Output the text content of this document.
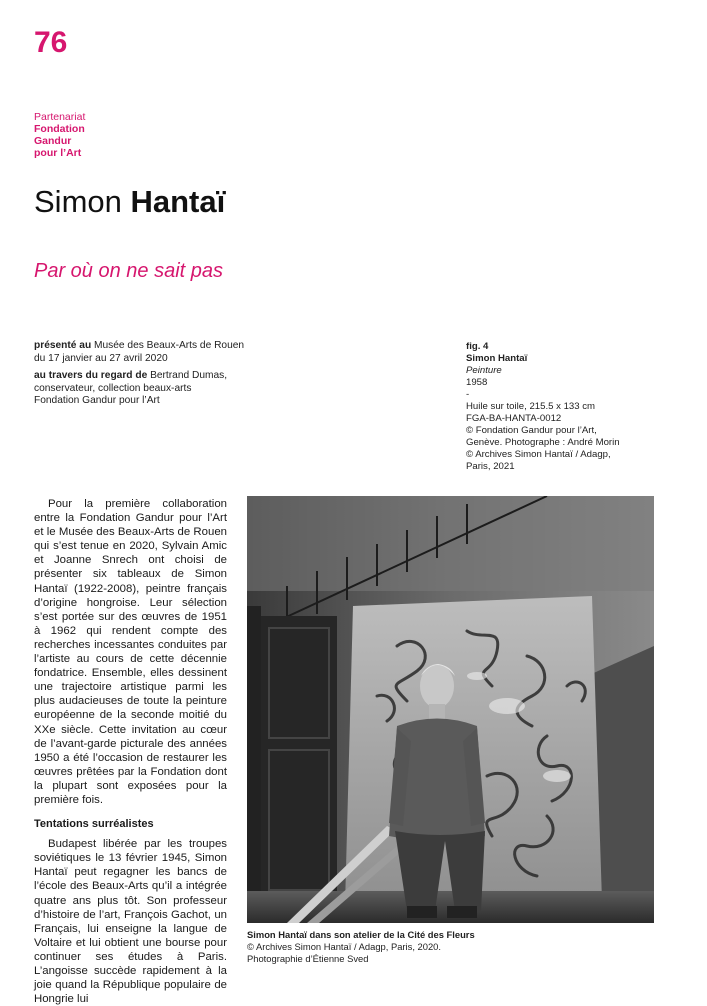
76
Partenariat
Fondation
Gandur
pour l’Art
Simon Hantaï
Par où on ne sait pas

présenté au Musée des Beaux-Arts de Rouen
du 17 janvier au 27 avril 2020

au travers du regard de Bertrand Dumas,
conservateur, collection beaux-arts
Fondation Gandur pour l’Art

fig. 4
Simon Hantaï
Peinture
1958
-
Huile sur toile, 215.5 x 133 cm
FGA-BA-HANTA-0012
© Fondation Gandur pour l’Art,
Genève. Photographe : André Morin
© Archives Simon Hantaï / Adagp,
Paris, 2021

Pour la première collaboration entre la Fondation Gandur pour l’Art et le Musée des Beaux-Arts de Rouen qui s’est tenue en 2020, Sylvain Amic et Joanne Snrech ont choisi de présenter six tableaux de Simon Hantaï (1922-2008), peintre français d’origine hongroise. Leur sélection s’est portée sur des œuvres de 1951 à 1962 qui rendent compte des recherches incessantes conduites par l’artiste au cours de cette décennie fondatrice. Ensemble, elles dessinent une trajectoire artistique parmi les plus audacieuses de toute la peinture européenne de la seconde moitié du XXe siècle. Cette invitation au cœur de l’avant-garde picturale des années 1950 a été l’occasion de restaurer les œuvres prêtées par la Fondation dont la plupart sont exposées pour la première fois.

Tentations surréalistes

Budapest libérée par les troupes soviétiques le 13 février 1945, Simon Hantaï peut regagner les bancs de l’école des Beaux-Arts qu’il a intégrée quatre ans plus tôt. Son professeur d’histoire de l’art, François Gachot, un Français, lui enseigne la langue de Voltaire et lui obtient une bourse pour continuer ses études à Paris. L’angoisse succède rapidement à la joie quand la République populaire de Hongrie lui

Simon Hantaï dans son atelier de la Cité des Fleurs
© Archives Simon Hantaï / Adagp, Paris, 2020.
Photographie d’Étienne Sved
